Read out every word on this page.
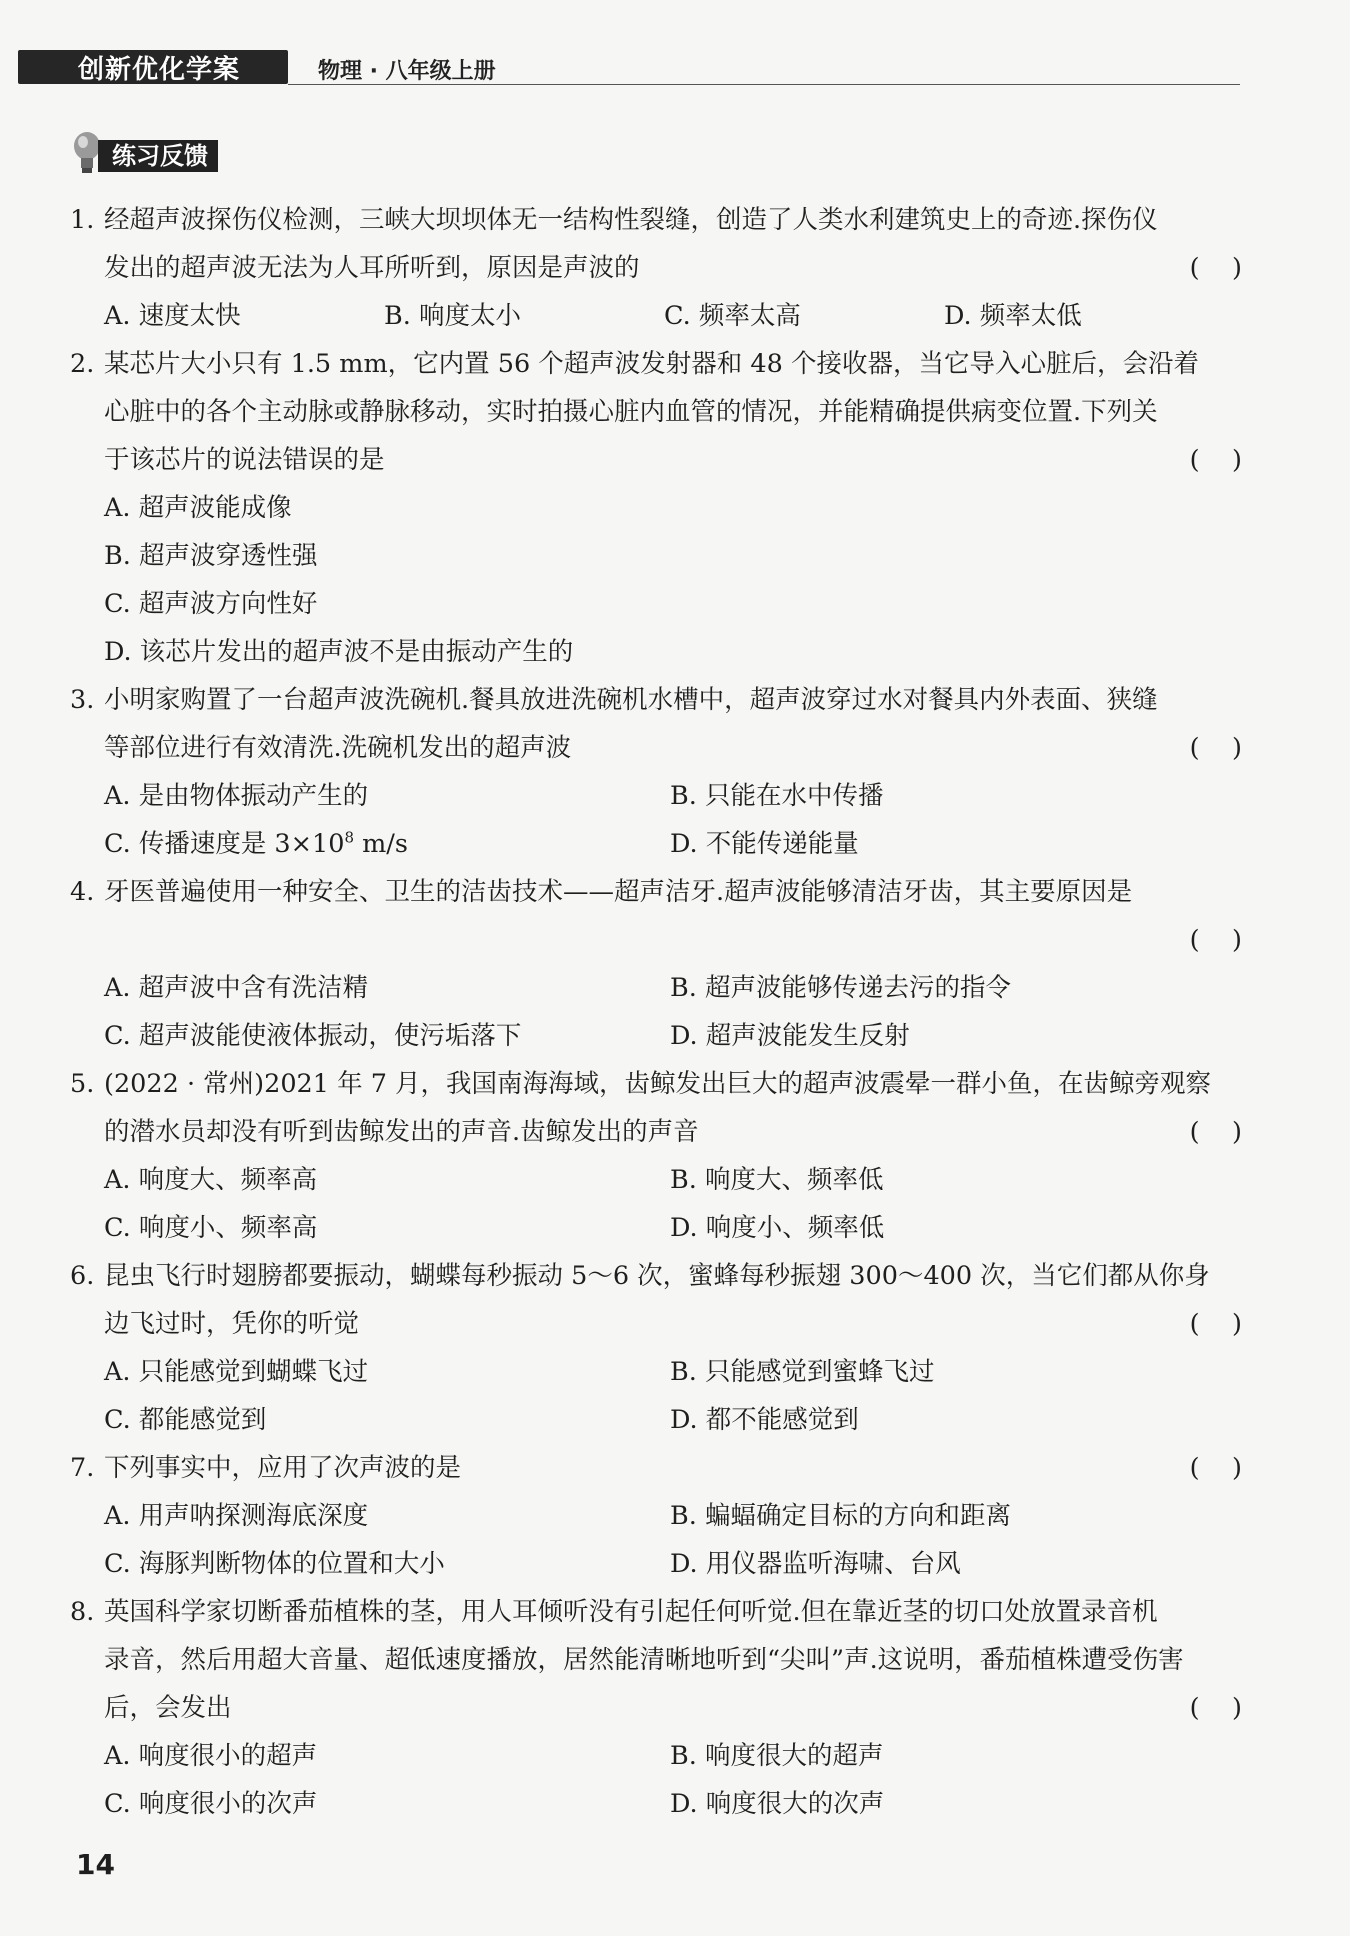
创新优化学案	物理 · 八年级上册
练习反馈
1. 经超声波探伤仪检测，三峡大坝坝体无一结构性裂缝，创造了人类水利建筑史上的奇迹.探伤仪
发出的超声波无法为人耳所听到，原因是声波的	(    )
A. 速度太快	B. 响度太小	C. 频率太高	D. 频率太低
2. 某芯片大小只有 1.5 mm，它内置 56 个超声波发射器和 48 个接收器，当它导入心脏后，会沿着
心脏中的各个主动脉或静脉移动，实时拍摄心脏内血管的情况，并能精确提供病变位置.下列关
于该芯片的说法错误的是	(    )
A. 超声波能成像
B. 超声波穿透性强
C. 超声波方向性好
D. 该芯片发出的超声波不是由振动产生的
3. 小明家购置了一台超声波洗碗机.餐具放进洗碗机水槽中，超声波穿过水对餐具内外表面、狭缝
等部位进行有效清洗.洗碗机发出的超声波	(    )
A. 是由物体振动产生的	B. 只能在水中传播
C. 传播速度是 $3\times 10^8$ m/s	D. 不能传递能量
4. 牙医普遍使用一种安全、卫生的洁齿技术——超声洁牙.超声波能够清洁牙齿，其主要原因是
(    )
A. 超声波中含有洗洁精	B. 超声波能够传递去污的指令
C. 超声波能使液体振动，使污垢落下	D. 超声波能发生反射
5. (2022 · 常州)2021 年 7 月，我国南海海域，齿鲸发出巨大的超声波震晕一群小鱼，在齿鲸旁观察
的潜水员却没有听到齿鲸发出的声音.齿鲸发出的声音	(    )
A. 响度大、频率高	B. 响度大、频率低
C. 响度小、频率高	D. 响度小、频率低
6. 昆虫飞行时翅膀都要振动，蝴蝶每秒振动 5～6 次，蜜蜂每秒振翅 300～400 次，当它们都从你身
边飞过时，凭你的听觉	(    )
A. 只能感觉到蝴蝶飞过	B. 只能感觉到蜜蜂飞过
C. 都能感觉到	D. 都不能感觉到
7. 下列事实中，应用了次声波的是	(    )
A. 用声呐探测海底深度	B. 蝙蝠确定目标的方向和距离
C. 海豚判断物体的位置和大小	D. 用仪器监听海啸、台风
8. 英国科学家切断番茄植株的茎，用人耳倾听没有引起任何听觉.但在靠近茎的切口处放置录音机
录音，然后用超大音量、超低速度播放，居然能清晰地听到“尖叫”声.这说明，番茄植株遭受伤害
后，会发出	(    )
A. 响度很小的超声	B. 响度很大的超声
C. 响度很小的次声	D. 响度很大的次声
14
